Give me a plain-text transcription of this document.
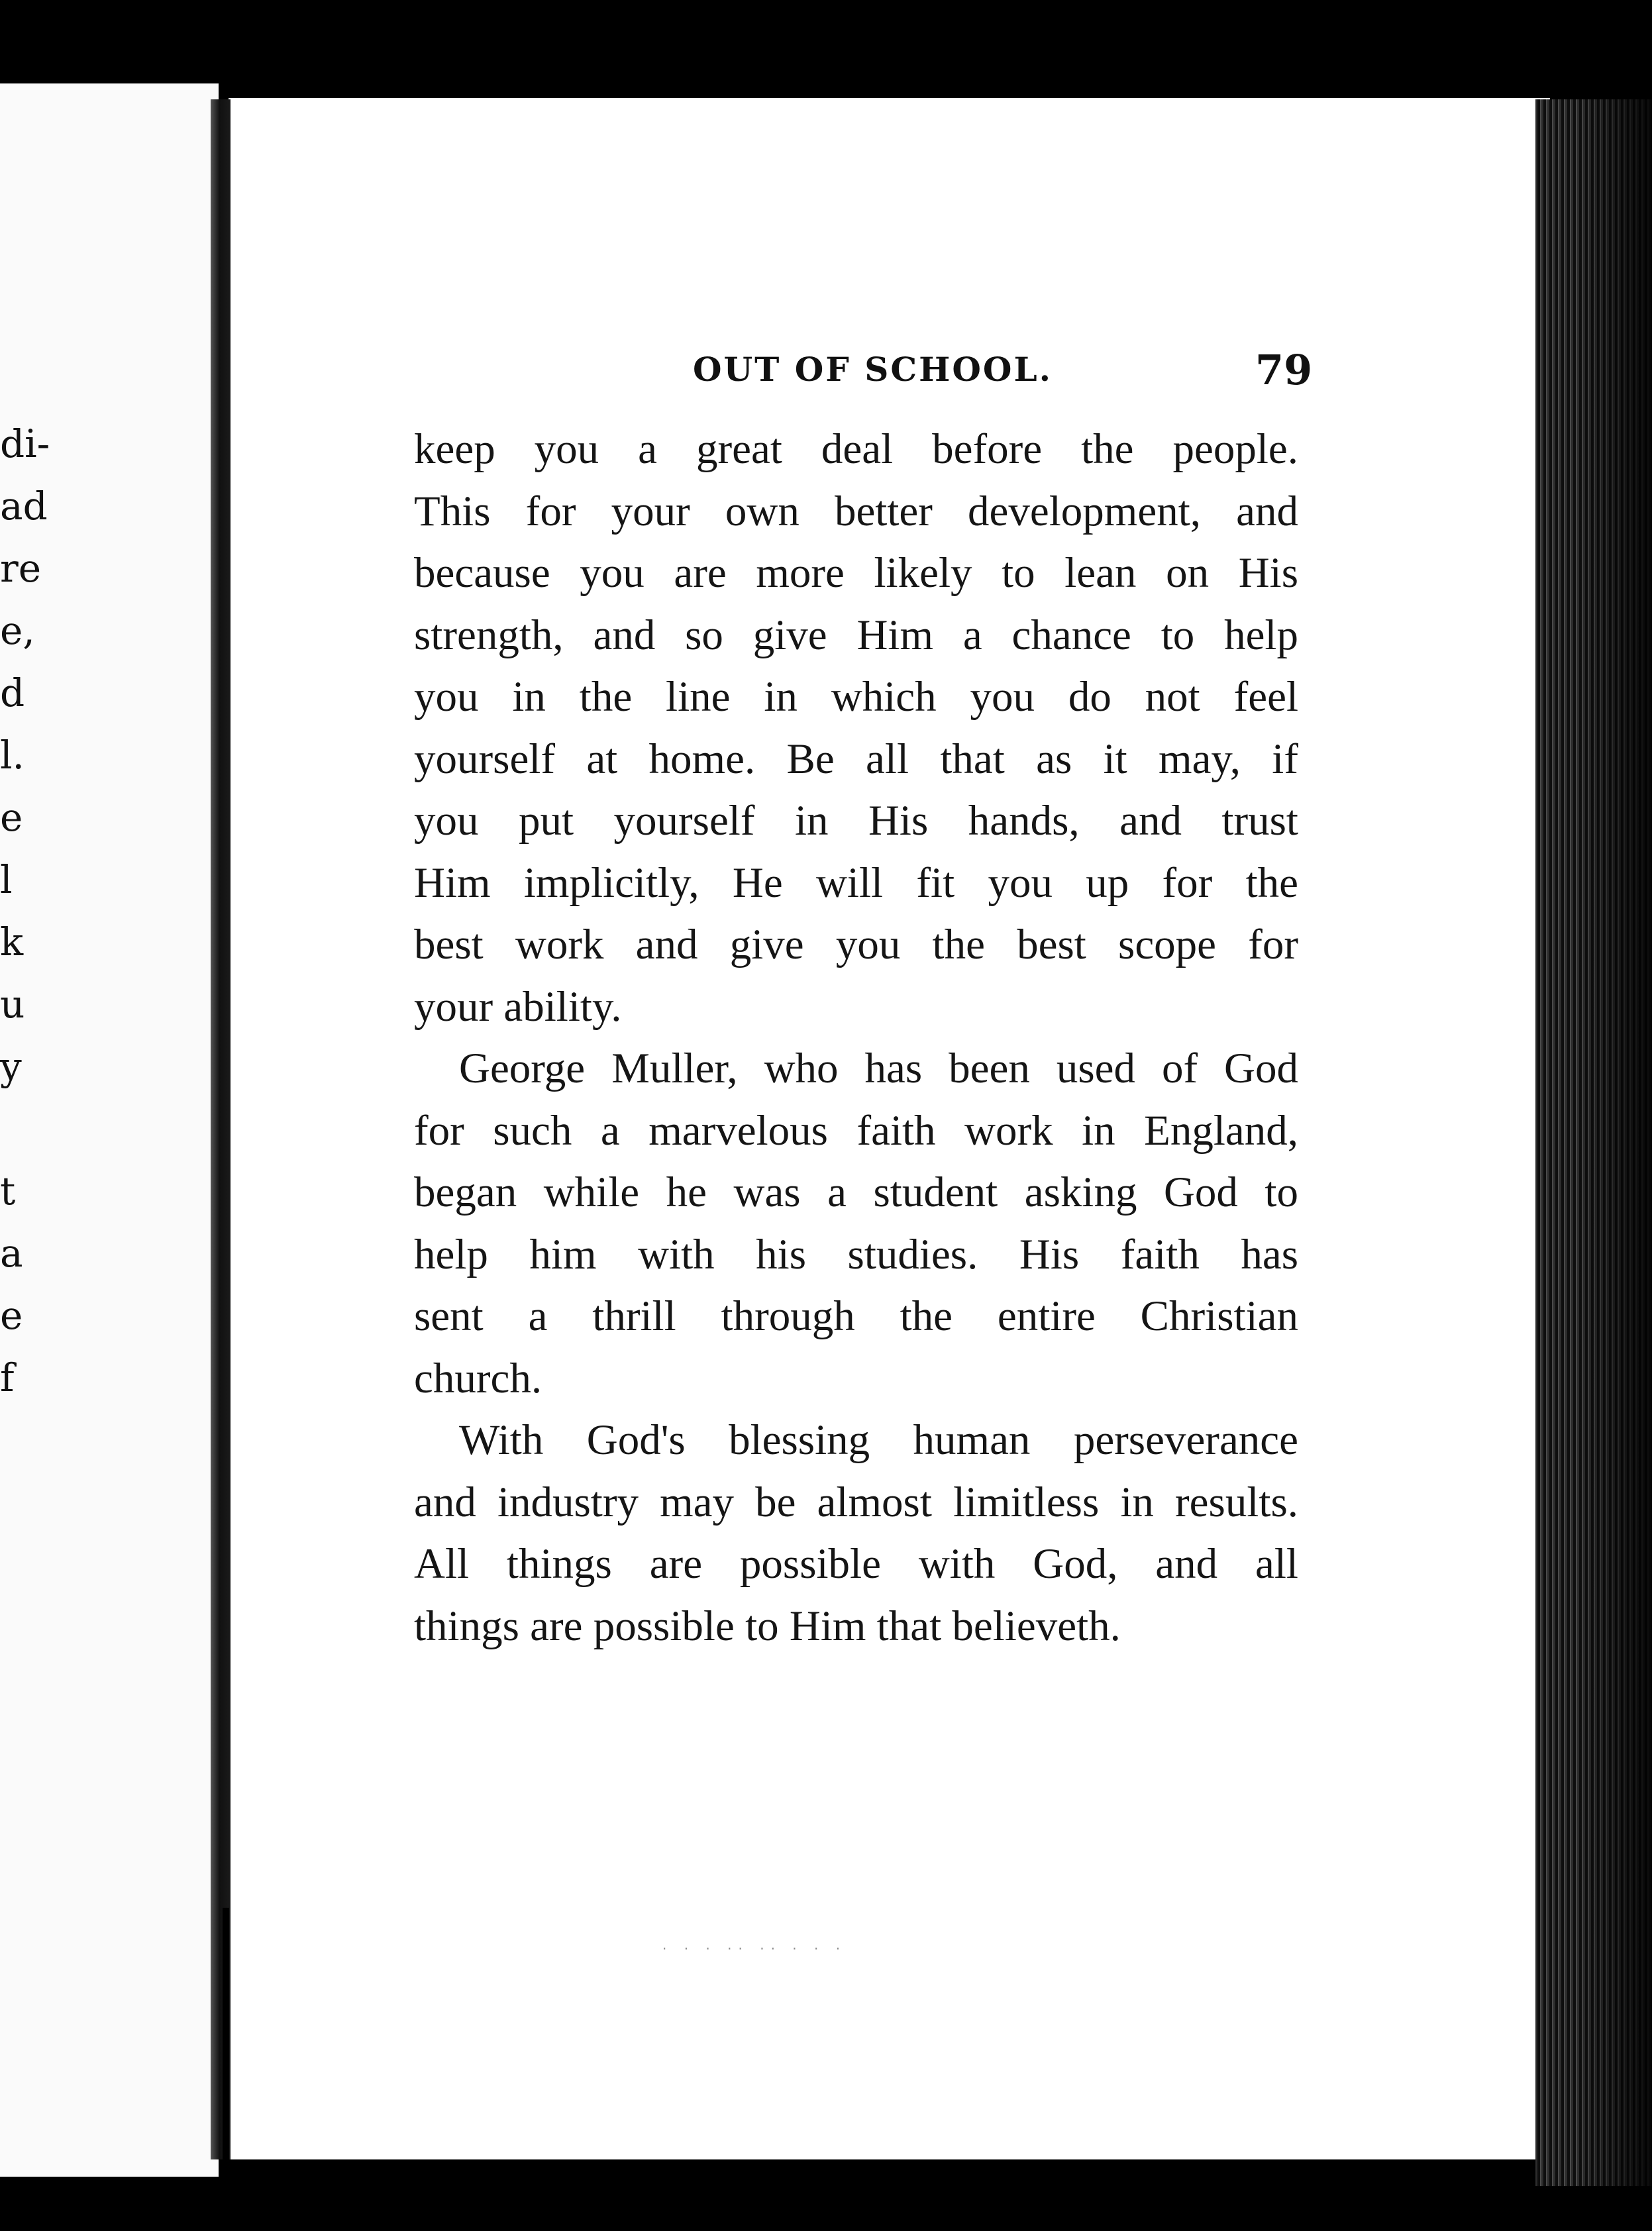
di-
ad
re
e,
d
l.
e
l
k
u
y
t
a
e
f
OUT OF SCHOOL.	79
keep you a great deal before the people.
This for your own better development, and
because you are more likely to lean on His
strength, and so give Him a chance to help
you in the line in which you do not feel
yourself at home. Be all that as it may, if
you put yourself in His hands, and trust
Him implicitly, He will fit you up for the
best work and give you the best scope for
your ability.
George Muller, who has been used of God
for such a marvelous faith work in England,
began while he was a student asking God to
help him with his studies. His faith has
sent a thrill through the entire Christian
church.
With God's blessing human perseverance
and industry may be almost limitless in results.
All things are possible with God, and all
things are possible to Him that believeth.
· · · ·· ·· · · ·
